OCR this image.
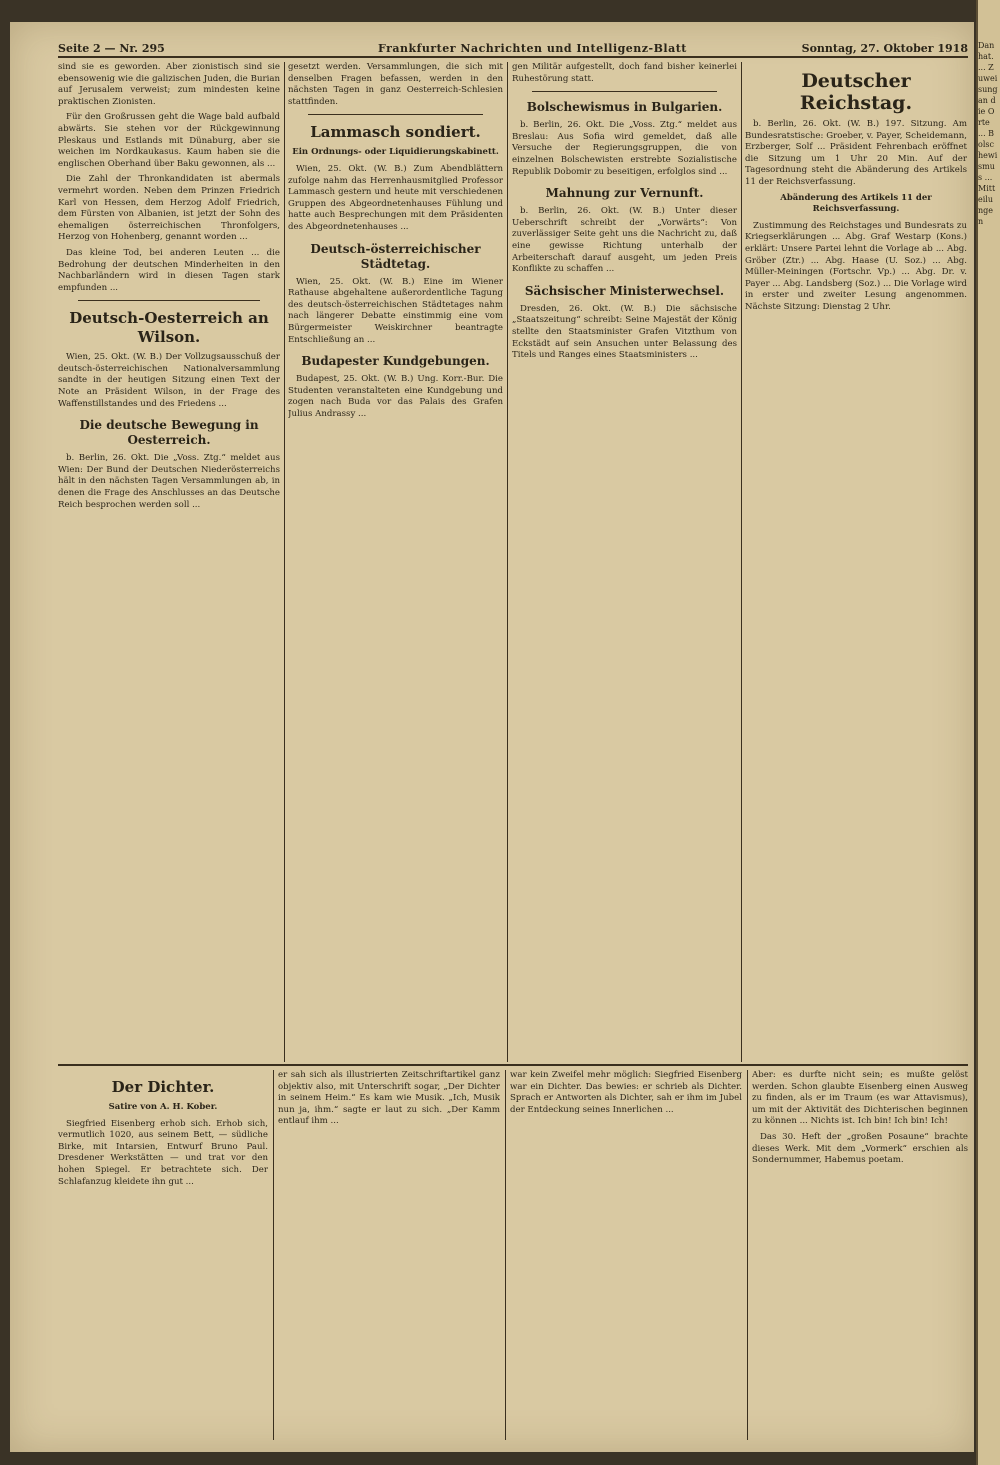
Dan hat. ... Zuweisung an die Orte ... Bolschewismus ... Mitteilungen
Seite 2 — Nr. 295	Frankfurter Nachrichten und Intelligenz-Blatt	Sonntag, 27. Oktober 1918

sind sie es geworden. Aber zionistisch sind sie ebensowenig wie die galizischen Juden, die Burian auf Jerusalem verweist; zum mindesten keine praktischen Zionisten.

Für den Großrussen geht die Wage bald aufbald abwärts. Sie stehen vor der Rückgewinnung Pleskaus und Estlands mit Dünaburg, aber sie weichen im Nordkaukasus. Kaum haben sie die englischen Oberhand über Baku gewonnen, als ...

Die Zahl der Thronkandidaten ist abermals vermehrt worden. Neben dem Prinzen Friedrich Karl von Hessen, dem Herzog Adolf Friedrich, dem Fürsten von Albanien, ist jetzt der Sohn des ehemaligen österreichischen Thronfolgers, Herzog von Hohenberg, genannt worden ...

Das kleine Tod, bei anderen Leuten ... die Bedrohung der deutschen Minderheiten in den Nachbarländern wird in diesen Tagen stark empfunden ...

Deutsch-Oesterreich an Wilson.

Wien, 25. Okt. (W. B.) Der Vollzugsausschuß der deutsch-österreichischen Nationalversammlung sandte in der heutigen Sitzung einen Text der Note an Präsident Wilson, in der Frage des Waffenstillstandes und des Friedens ...

Die deutsche Bewegung in Oesterreich.

b. Berlin, 26. Okt. Die „Voss. Ztg.“ meldet aus Wien: Der Bund der Deutschen Niederösterreichs hält in den nächsten Tagen Versammlungen ab, in denen die Frage des Anschlusses an das Deutsche Reich besprochen werden soll ...

gesetzt werden. Versammlungen, die sich mit denselben Fragen befassen, werden in den nächsten Tagen in ganz Oesterreich-Schlesien stattfinden.

Lammasch sondiert.
Ein Ordnungs- oder Liquidierungskabinett.

Wien, 25. Okt. (W. B.) Zum Abendblättern zufolge nahm das Herrenhausmitglied Professor Lammasch gestern und heute mit verschiedenen Gruppen des Abgeordnetenhauses Fühlung und hatte auch Besprechungen mit dem Präsidenten des Abgeordnetenhauses ...

Deutsch-österreichischer Städtetag.

Wien, 25. Okt. (W. B.) Eine im Wiener Rathause abgehaltene außerordentliche Tagung des deutsch-österreichischen Städtetages nahm nach längerer Debatte einstimmig eine vom Bürgermeister Weiskirchner beantragte Entschließung an ...

Budapester Kundgebungen.

Budapest, 25. Okt. (W. B.) Ung. Korr.-Bur. Die Studenten veranstalteten eine Kundgebung und zogen nach Buda vor das Palais des Grafen Julius Andrassy ...

gen Militär aufgestellt, doch fand bisher keinerlei Ruhestörung statt.

Bolschewismus in Bulgarien.

b. Berlin, 26. Okt. Die „Voss. Ztg.“ meldet aus Breslau: Aus Sofia wird gemeldet, daß alle Versuche der Regierungsgruppen, die von einzelnen Bolschewisten erstrebte Sozialistische Republik Dobomir zu beseitigen, erfolglos sind ...

Mahnung zur Vernunft.

b. Berlin, 26. Okt. (W. B.) Unter dieser Ueberschrift schreibt der „Vorwärts“: Von zuverlässiger Seite geht uns die Nachricht zu, daß eine gewisse Richtung unterhalb der Arbeiterschaft darauf ausgeht, um jeden Preis Konflikte zu schaffen ...

Sächsischer Ministerwechsel.

Dresden, 26. Okt. (W. B.) Die sächsische „Staatszeitung“ schreibt: Seine Majestät der König stellte den Staatsminister Grafen Vitzthum von Eckstädt auf sein Ansuchen unter Belassung des Titels und Ranges eines Staatsministers ...

Deutscher Reichstag.

b. Berlin, 26. Okt. (W. B.) 197. Sitzung. Am Bundesratstische: Groeber, v. Payer, Scheidemann, Erzberger, Solf ... Präsident Fehrenbach eröffnet die Sitzung um 1 Uhr 20 Min. Auf der Tagesordnung steht die Abänderung des Artikels 11 der Reichsverfassung.

Abänderung des Artikels 11 der Reichsverfassung.

Zustimmung des Reichstages und Bundesrats zu Kriegserklärungen ... Abg. Graf Westarp (Kons.) erklärt: Unsere Partei lehnt die Vorlage ab ... Abg. Gröber (Ztr.) ... Abg. Haase (U. Soz.) ... Abg. Müller-Meiningen (Fortschr. Vp.) ... Abg. Dr. v. Payer ... Abg. Landsberg (Soz.) ... Die Vorlage wird in erster und zweiter Lesung angenommen. Nächste Sitzung: Dienstag 2 Uhr.

Der Dichter.
Satire von A. H. Kober.

Siegfried Eisenberg erhob sich. Erhob sich, vermutlich 1020, aus seinem Bett, — südliche Birke, mit Intarsien, Entwurf Bruno Paul. Dresdener Werkstätten — und trat vor den hohen Spiegel. Er betrachtete sich. Der Schlafanzug kleidete ihn gut ...

er sah sich als illustrierten Zeitschriftartikel ganz objektiv also, mit Unterschrift sogar, „Der Dichter in seinem Heim.“ Es kam wie Musik. „Ich, Musik nun ja, ihm.“ sagte er laut zu sich. „Der Kamm entlauf ihm ...

war kein Zweifel mehr möglich: Siegfried Eisenberg war ein Dichter. Das bewies: er schrieb als Dichter. Sprach er Antworten als Dichter, sah er ihm im Jubel der Entdeckung seines Innerlichen ...

Aber: es durfte nicht sein; es mußte gelöst werden. Schon glaubte Eisenberg einen Ausweg zu finden, als er im Traum (es war Attavismus), um mit der Aktivität des Dichterischen beginnen zu können ... Nichts ist. Ich bin! Ich bin! Ich!

Das 30. Heft der „großen Posaune“ brachte dieses Werk. Mit dem „Vormerk“ erschien als Sondernummer, Habemus poetam.
